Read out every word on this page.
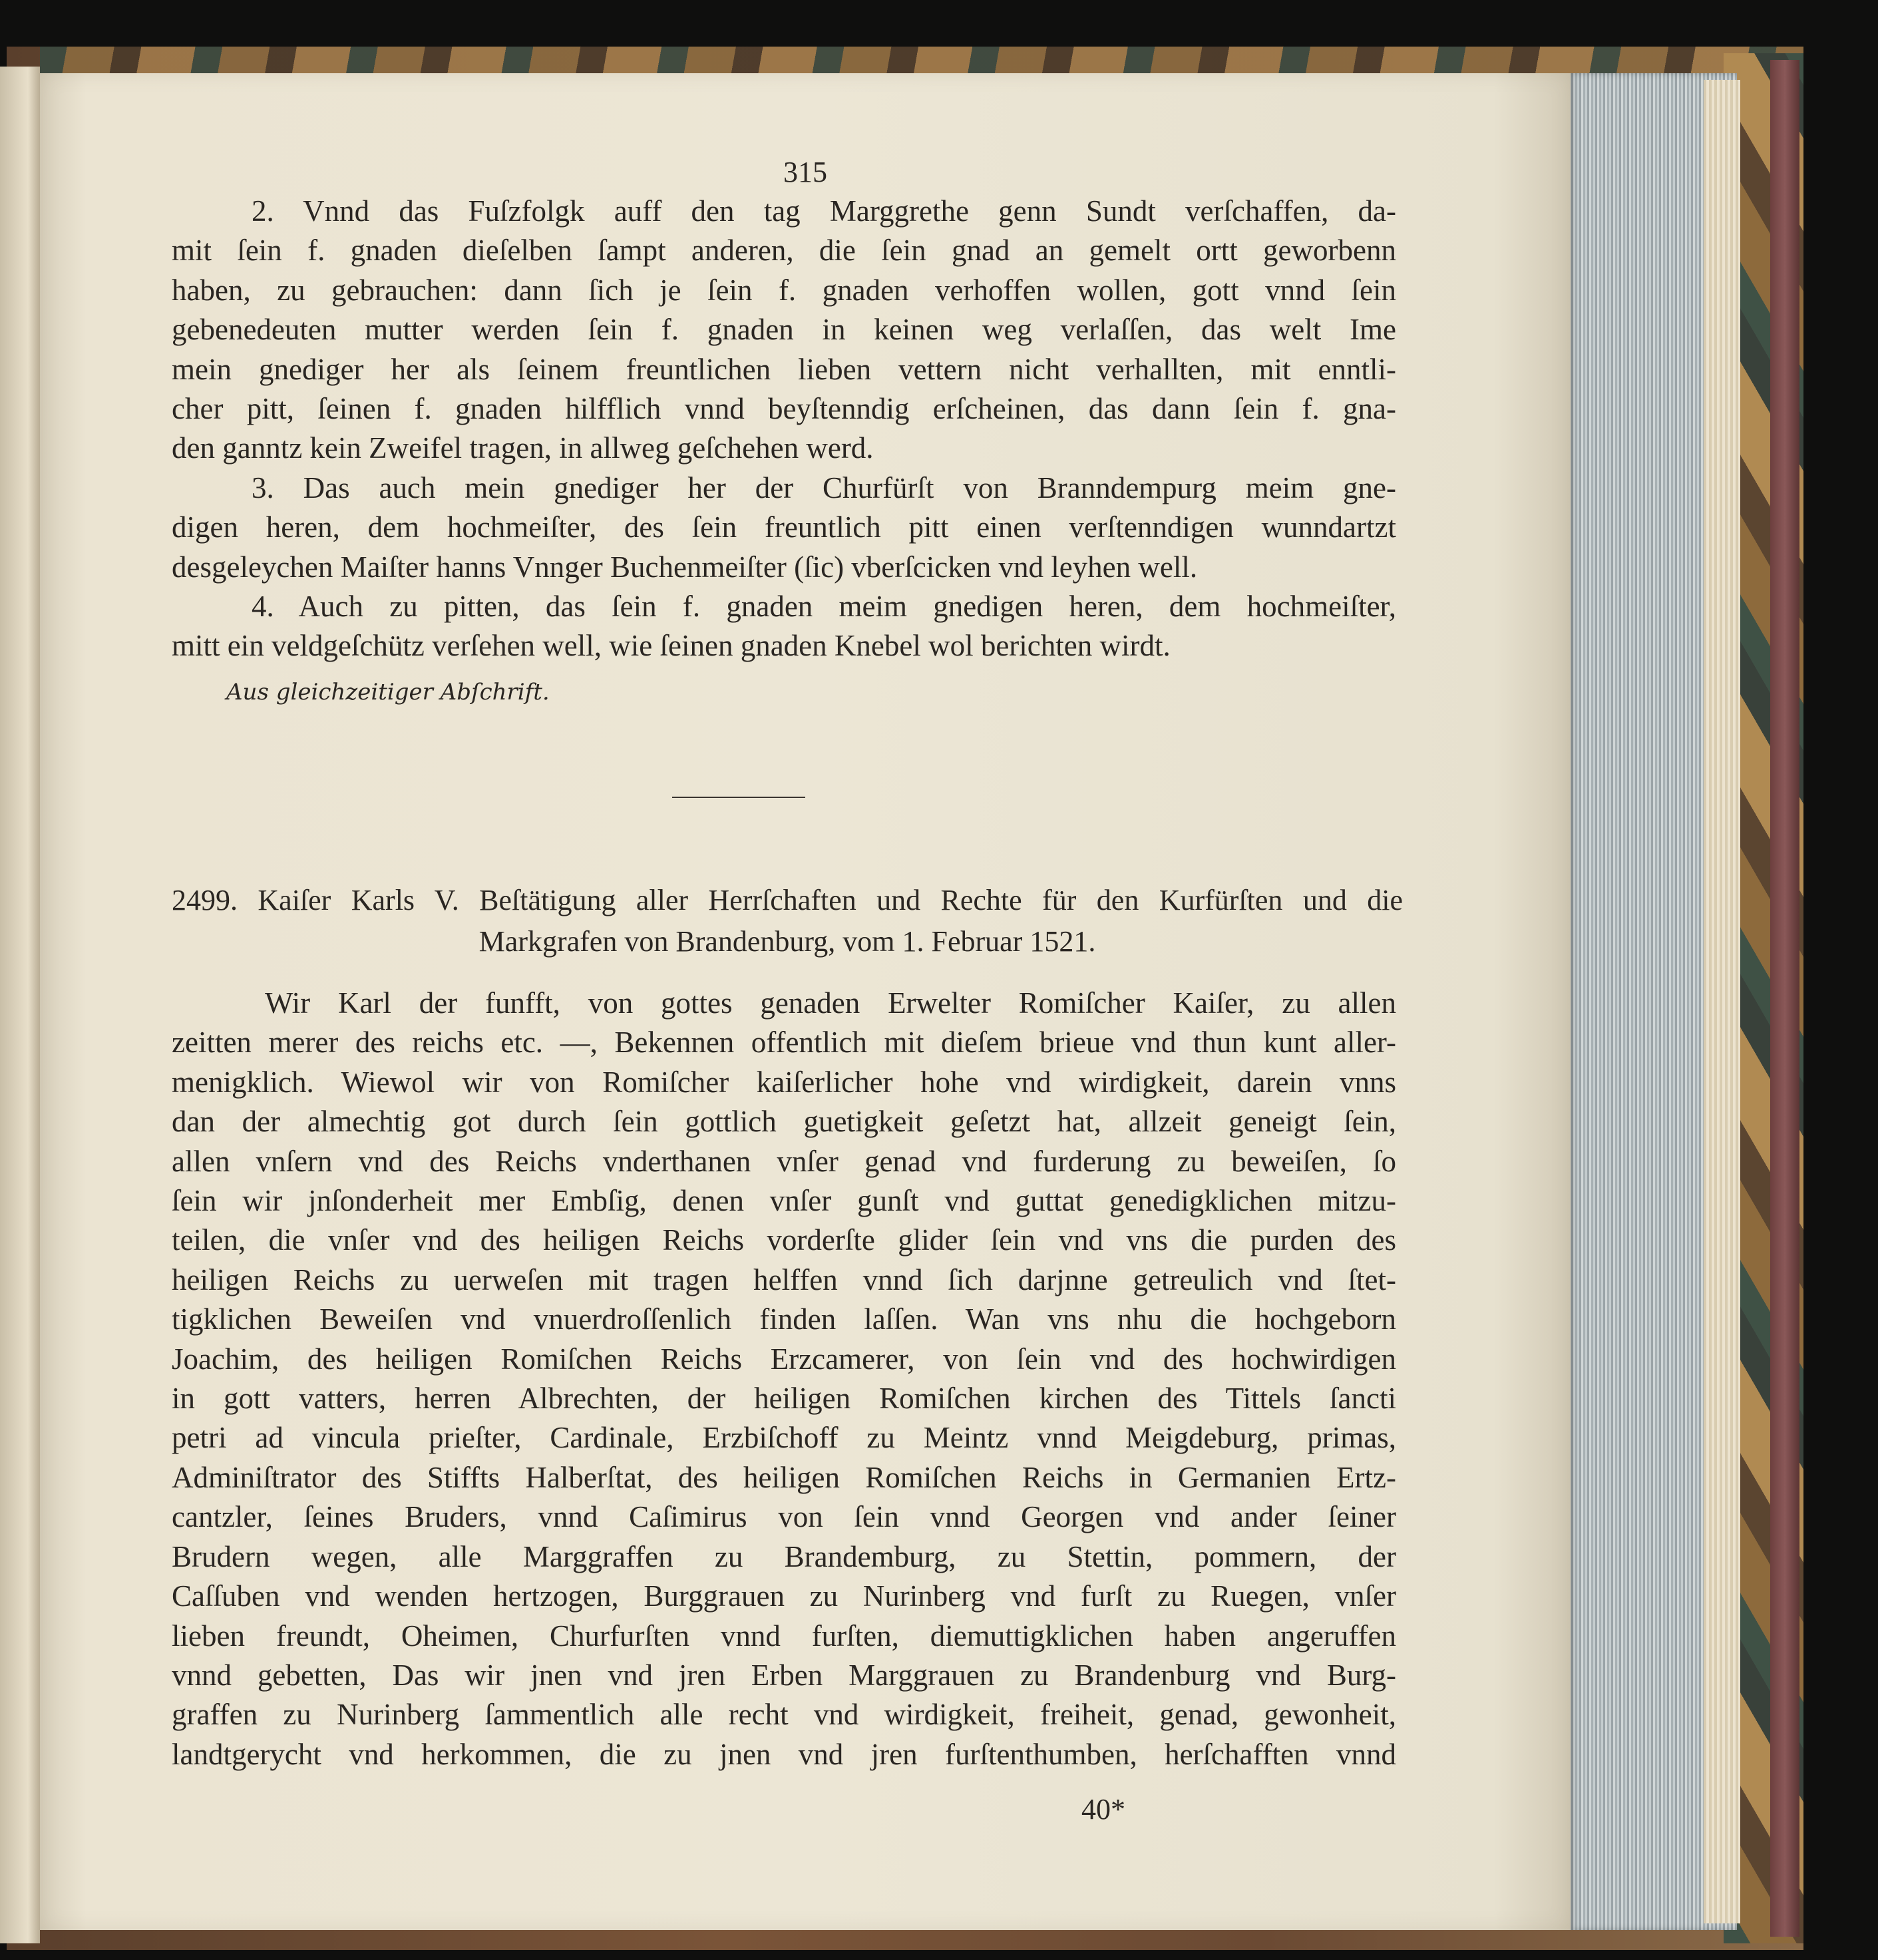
315

2. Vnnd das Fuſzfolgk auff den tag Marggrethe genn Sundt verſchaffen, da-

mit ſein f. gnaden dieſelben ſampt anderen, die ſein gnad an gemelt ortt geworbenn

haben, zu gebrauchen: dann ſich je ſein f. gnaden verhoffen wollen, gott vnnd ſein

gebenedeuten mutter werden ſein f. gnaden in keinen weg verlaſſen, das welt Ime

mein gnediger her als ſeinem freuntlichen lieben vettern nicht verhallten, mit enntli-

cher pitt, ſeinen f. gnaden hilfflich vnnd beyſtenndig erſcheinen, das dann ſein f. gna-

den ganntz kein Zweifel tragen, in allweg geſchehen werd.

3. Das auch mein gnediger her der Churfürſt von Branndempurg meim gne-

digen heren, dem hochmeiſter, des ſein freuntlich pitt einen verſtenndigen wunndartzt

desgeleychen Maiſter hanns Vnnger Buchenmeiſter (ſic) vberſcicken vnd leyhen well.

4. Auch zu pitten, das ſein f. gnaden meim gnedigen heren, dem hochmeiſter,

mitt ein veldgeſchütz verſehen well, wie ſeinen gnaden Knebel wol berichten wirdt.

Aus gleichzeitiger Abſchrift.
2499. Kaiſer Karls V. Beſtätigung aller Herrſchaften und Rechte für den Kurfürſten und die
Markgrafen von Brandenburg, vom 1. Februar 1521.

Wir Karl der funfft, von gottes genaden Erwelter Romiſcher Kaiſer, zu allen

zeitten merer des reichs etc. —, Bekennen offentlich mit dieſem brieue vnd thun kunt aller-

menigklich. Wiewol wir von Romiſcher kaiſerlicher hohe vnd wirdigkeit, darein vnns

dan der almechtig got durch ſein gottlich guetigkeit geſetzt hat, allzeit geneigt ſein,

allen vnſern vnd des Reichs vnderthanen vnſer genad vnd furderung zu beweiſen, ſo

ſein wir jnſonderheit mer Embſig, denen vnſer gunſt vnd guttat genedigklichen mitzu-

teilen, die vnſer vnd des heiligen Reichs vorderſte glider ſein vnd vns die purden des

heiligen Reichs zu uerweſen mit tragen helffen vnnd ſich darjnne getreulich vnd ſtet-

tigklichen Beweiſen vnd vnuerdroſſenlich finden laſſen. Wan vns nhu die hochgeborn

Joachim, des heiligen Romiſchen Reichs Erzcamerer, von ſein vnd des hochwirdigen

in gott vatters, herren Albrechten, der heiligen Romiſchen kirchen des Tittels ſancti

petri ad vincula prieſter, Cardinale, Erzbiſchoff zu Meintz vnnd Meigdeburg, primas,

Adminiſtrator des Stiffts Halberſtat, des heiligen Romiſchen Reichs in Germanien Ertz-

cantzler, ſeines Bruders, vnnd Caſimirus von ſein vnnd Georgen vnd ander ſeiner

Brudern wegen, alle Marggraffen zu Brandemburg, zu Stettin, pommern, der

Caſſuben vnd wenden hertzogen, Burggrauen zu Nurinberg vnd furſt zu Ruegen, vnſer

lieben freundt, Oheimen, Churfurſten vnnd furſten, diemuttigklichen haben angeruffen

vnnd gebetten, Das wir jnen vnd jren Erben Marggrauen zu Brandenburg vnd Burg-

graffen zu Nurinberg ſammentlich alle recht vnd wirdigkeit, freiheit, genad, gewonheit,

landtgerycht vnd herkommen, die zu jnen vnd jren furſtenthumben, herſchafften vnnd

40*
